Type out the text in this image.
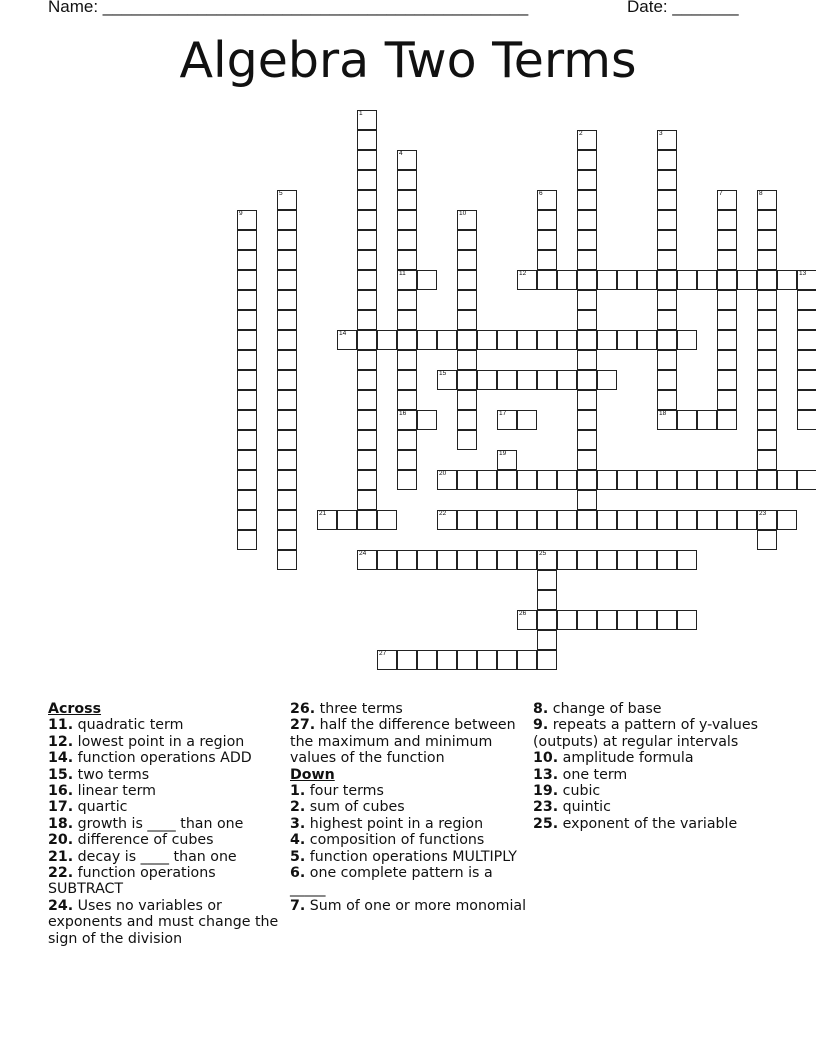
Name: _____________________________________________	Date: _______
Algebra Two Terms
1
2	3
18
4
11
16
5	6	7	8
9	10
12	13
14
15
17
19
20
21	22	23
24	25
26
27
Across
11. quadratic term
12. lowest point in a region
14. function operations ADD
15. two terms
16. linear term
17. quartic
18. growth is ____ than one
20. difference of cubes
21. decay is ____ than one
22. function operations SUBTRACT
24. Uses no variables or exponents and must change the sign of the division
26. three terms
27. half the difference between the maximum and minimum values of the function
Down
1. four terms
2. sum of cubes
3. highest point in a region
4. composition of functions
5. function operations MULTIPLY
6. one complete pattern is a _____
7. Sum of one or more monomial
8. change of base
9. repeats a pattern of y-values (outputs) at regular intervals
10. amplitude formula
13. one term
19. cubic
23. quintic
25. exponent of the variable
